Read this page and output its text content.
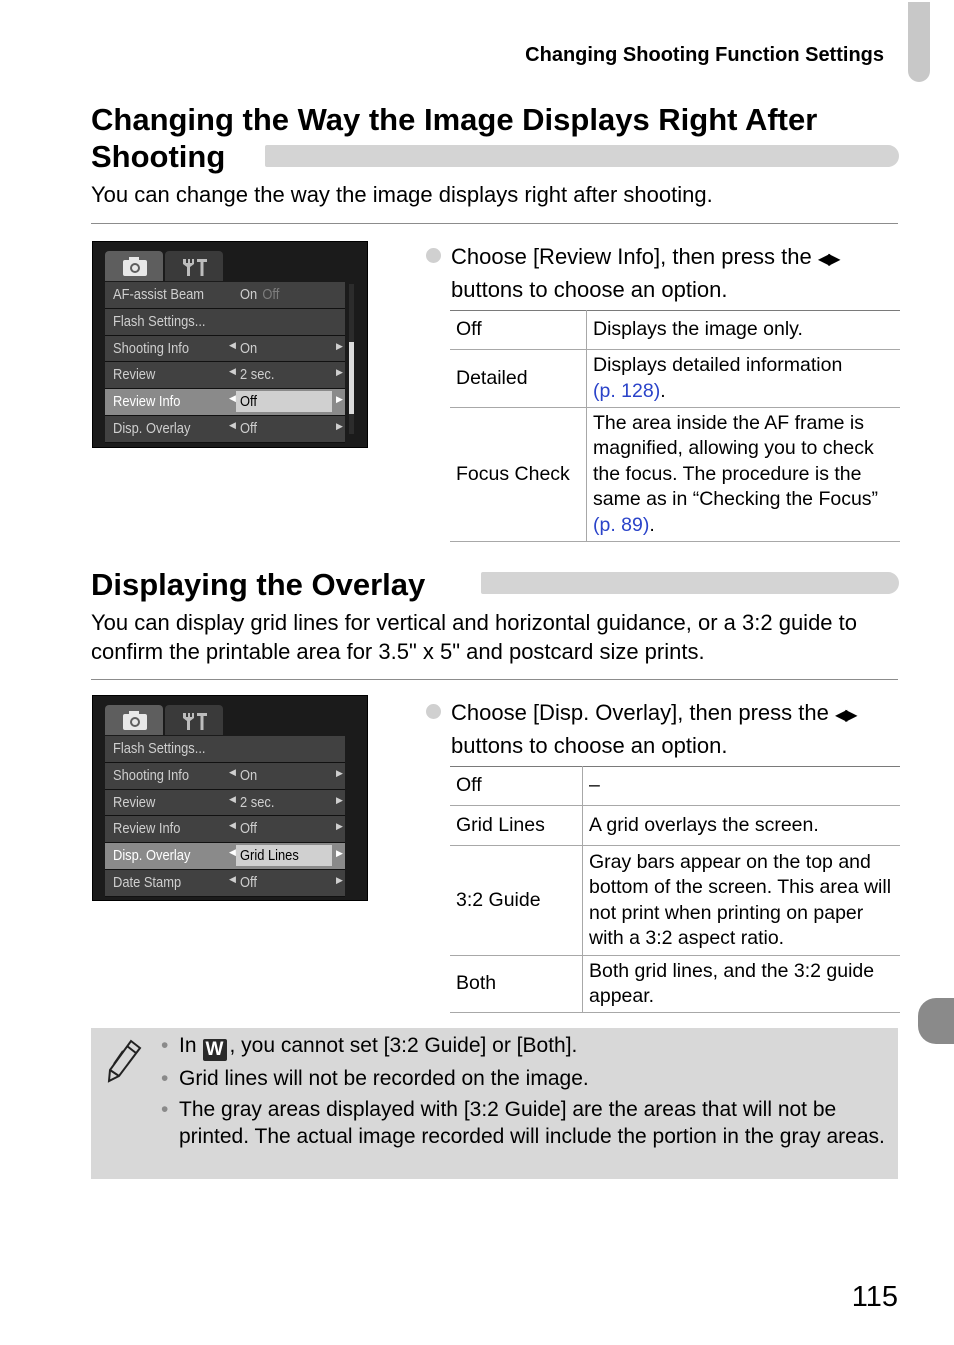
Changing Shooting Function Settings
Changing the Way the Image Displays Right After Shooting
You can change the way the image displays right after shooting.
AF-assist Beam On Off
Flash Settings...
Shooting Info	◀	▶
On
Review	◀	▶
2 sec.
Review Info	◀	▶
Off
Disp. Overlay	◀	▶
Off
Choose [Review Info], then press the ◀▶
buttons to choose an option.
Off	Displays the image only.
Detailed	Displays detailed information
(p. 128).
Focus Check	The area inside the AF frame is magnified, allowing you to check the focus. The procedure is the same as in “Checking the Focus” (p. 89).
Displaying the Overlay
You can display grid lines for vertical and horizontal guidance, or a 3:2 guide to confirm the printable area for 3.5" x 5" and postcard size prints.
Flash Settings...
Shooting Info	◀	▶
On
Review	◀	▶
2 sec.
Review Info	◀	▶
Off
Disp. Overlay	◀	▶
Grid Lines
Date Stamp	◀	▶
Off
Choose [Disp. Overlay], then press the ◀▶
buttons to choose an option.
Off	–
Grid Lines	A grid overlays the screen.
3:2 Guide	Gray bars appear on the top and bottom of the screen. This area will not print when printing on paper with a 3:2 aspect ratio.
Both	Both grid lines, and the 3:2 guide appear.
• In W , you cannot set [3:2 Guide] or [Both].
• Grid lines will not be recorded on the image.
• The gray areas displayed with [3:2 Guide] are the areas that will not be printed. The actual image recorded will include the portion in the gray areas.
115
